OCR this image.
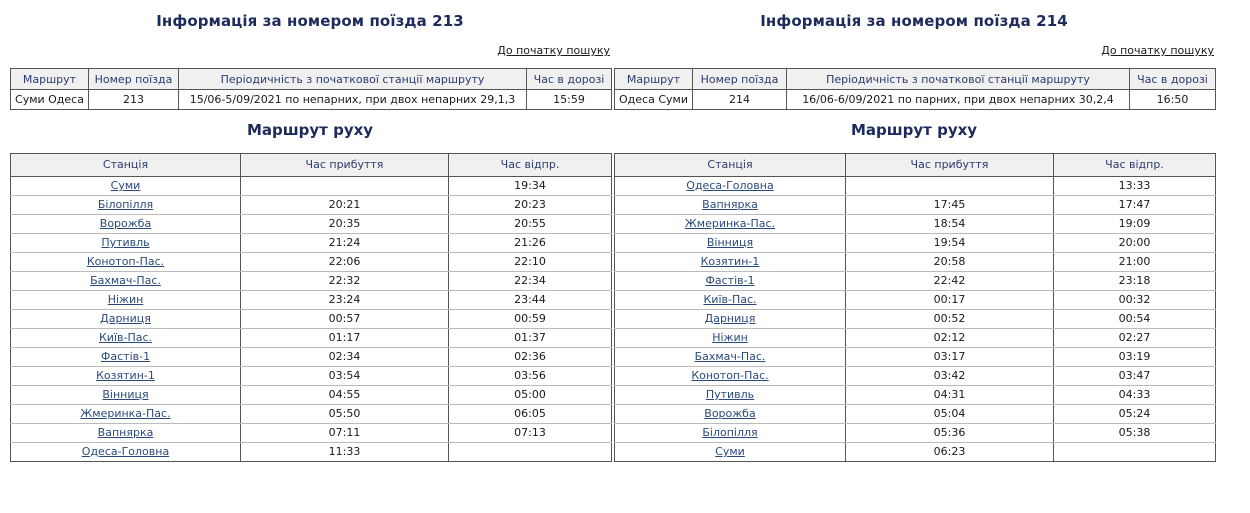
Інформація за номером поїзда 213
До початку пошуку
Маршрут	Номер поїзда	Періодичність з початкової станції маршруту	Час в дорозі
Суми Одеса	213	15/06-5/09/2021 по непарних, при двох непарних 29,1,3	15:59
Маршрут руху
Станція	Час прибуття	Час відпр.
Суми		19:34
Білопілля	20:21	20:23
Ворожба	20:35	20:55
Путивль	21:24	21:26
Конотоп-Пас.	22:06	22:10
Бахмач-Пас.	22:32	22:34
Ніжин	23:24	23:44
Дарниця	00:57	00:59
Київ-Пас.	01:17	01:37
Фастів-1	02:34	02:36
Козятин-1	03:54	03:56
Вінниця	04:55	05:00
Жмеринка-Пас.	05:50	06:05
Вапнярка	07:11	07:13
Одеса-Головна	11:33	
Інформація за номером поїзда 214
До початку пошуку
Маршрут	Номер поїзда	Періодичність з початкової станції маршруту	Час в дорозі
Одеса Суми	214	16/06-6/09/2021 по парних, при двох непарних 30,2,4	16:50
Маршрут руху
Станція	Час прибуття	Час відпр.
Одеса-Головна		13:33
Вапнярка	17:45	17:47
Жмеринка-Пас.	18:54	19:09
Вінниця	19:54	20:00
Козятин-1	20:58	21:00
Фастів-1	22:42	23:18
Київ-Пас.	00:17	00:32
Дарниця	00:52	00:54
Ніжин	02:12	02:27
Бахмач-Пас.	03:17	03:19
Конотоп-Пас.	03:42	03:47
Путивль	04:31	04:33
Ворожба	05:04	05:24
Білопілля	05:36	05:38
Суми	06:23	
